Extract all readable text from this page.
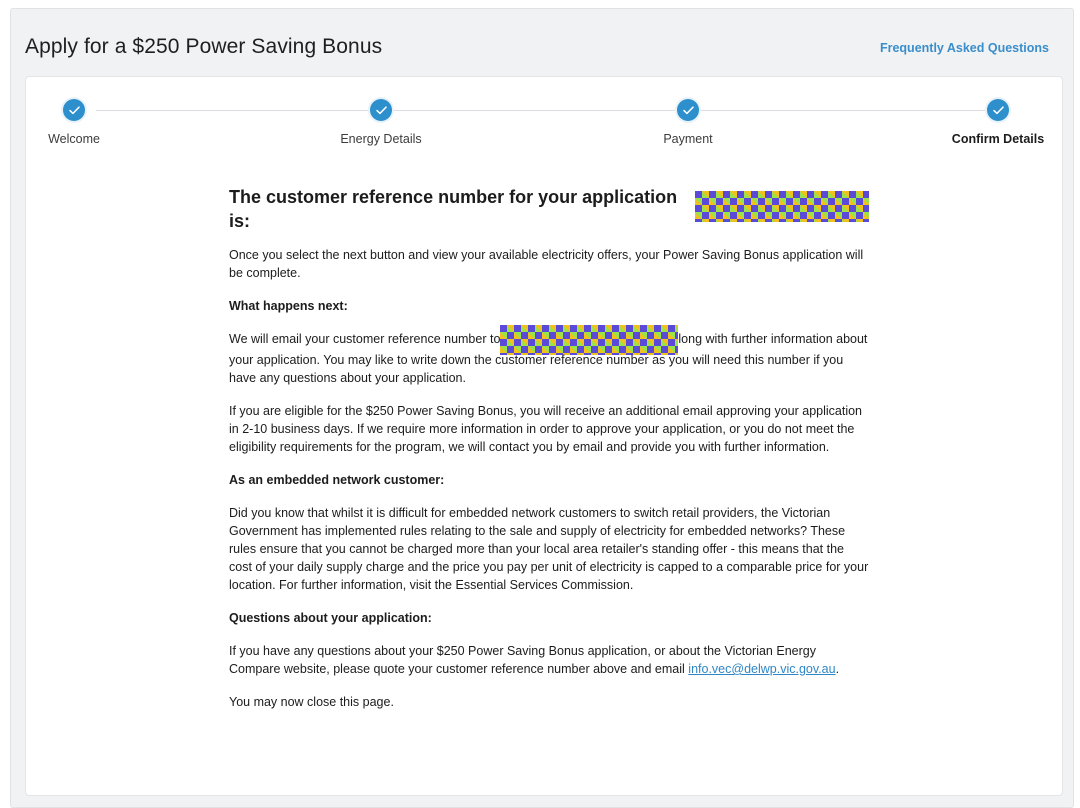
Apply for a $250 Power Saving Bonus	Frequently Asked Questions
Welcome	Energy Details	Payment	Confirm Details
The customer reference number for your application is:

Once you select the next button and view your available electricity offers, your Power Saving Bonus application will be complete.

What happens next:

We will email your customer reference number to	long with further information about your application. You may like to write down the customer reference number as you will need this number if you have any questions about your application.

If you are eligible for the $250 Power Saving Bonus, you will receive an additional email approving your application in 2-10 business days. If we require more information in order to approve your application, or you do not meet the eligibility requirements for the program, we will contact you by email and provide you with further information.

As an embedded network customer:

Did you know that whilst it is difficult for embedded network customers to switch retail providers, the Victorian Government has implemented rules relating to the sale and supply of electricity for embedded networks? These rules ensure that you cannot be charged more than your local area retailer's standing offer - this means that the cost of your daily supply charge and the price you pay per unit of electricity is capped to a comparable price for your location. For further information, visit the Essential Services Commission.

Questions about your application:

If you have any questions about your $250 Power Saving Bonus application, or about the Victorian Energy Compare website, please quote your customer reference number above and email info.vec@delwp.vic.gov.au.

You may now close this page.
